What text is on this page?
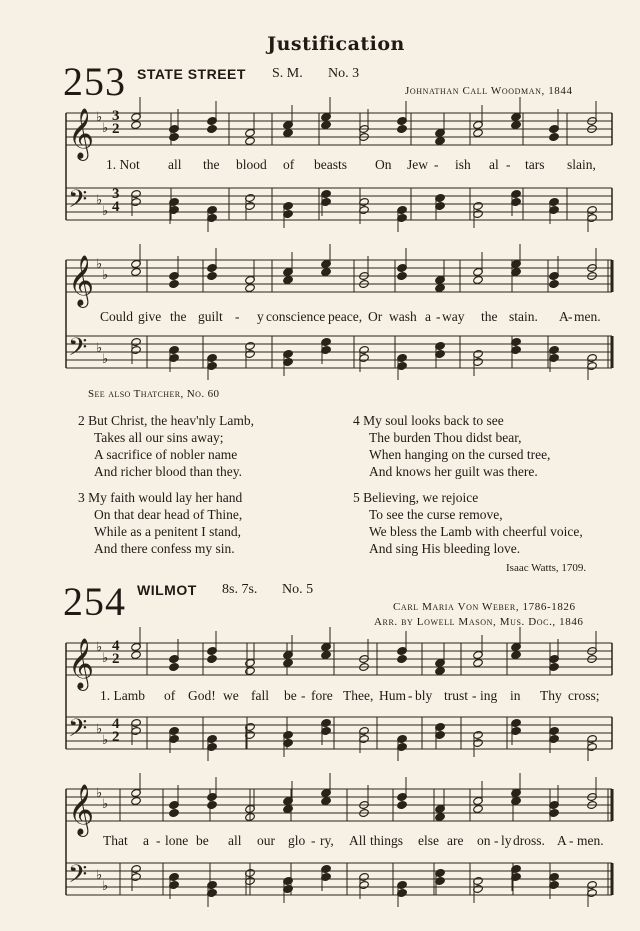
Justification
253 STATE STREET S. M. No. 3
Johnathan Call Woodman, 1844
𝄞 ♭
♭
𝄢 ♭
♭
𝄞 ♭
♭
𝄢 ♭
♭
𝄞 ♭
♭
𝄢 ♭
♭
𝄞 ♭
♭
𝄢 ♭
♭
1. Not all the blood of beasts On Jew - ish al - tars slain,
Could give the guilt - y conscience peace, Or wash a - way the stain. A - men.
See also Thatcher, No. 60
2 But Christ, the heav'nly Lamb,
Takes all our sins away;
A sacrifice of nobler name
And richer blood than they.
3 My faith would lay her hand
On that dear head of Thine,
While as a penitent I stand,
And there confess my sin.
4 My soul looks back to see
The burden Thou didst bear,
When hanging on the cursed tree,
And knows her guilt was there.
5 Believing, we rejoice
To see the curse remove,
We bless the Lamb with cheerful voice,
And sing His bleeding love.
Isaac Watts, 1709.
254 WILMOT 8s. 7s. No. 5
Carl Maria Von Weber, 1786-1826
Arr. by Lowell Mason, Mus. Doc., 1846
1. Lamb of God! we fall be - fore Thee, Hum - bly trust - ing in Thy cross;
That a - lone be all our glo - ry, All things else are on - ly dross. A - men.
3
2
3
4
4
2
4
2
